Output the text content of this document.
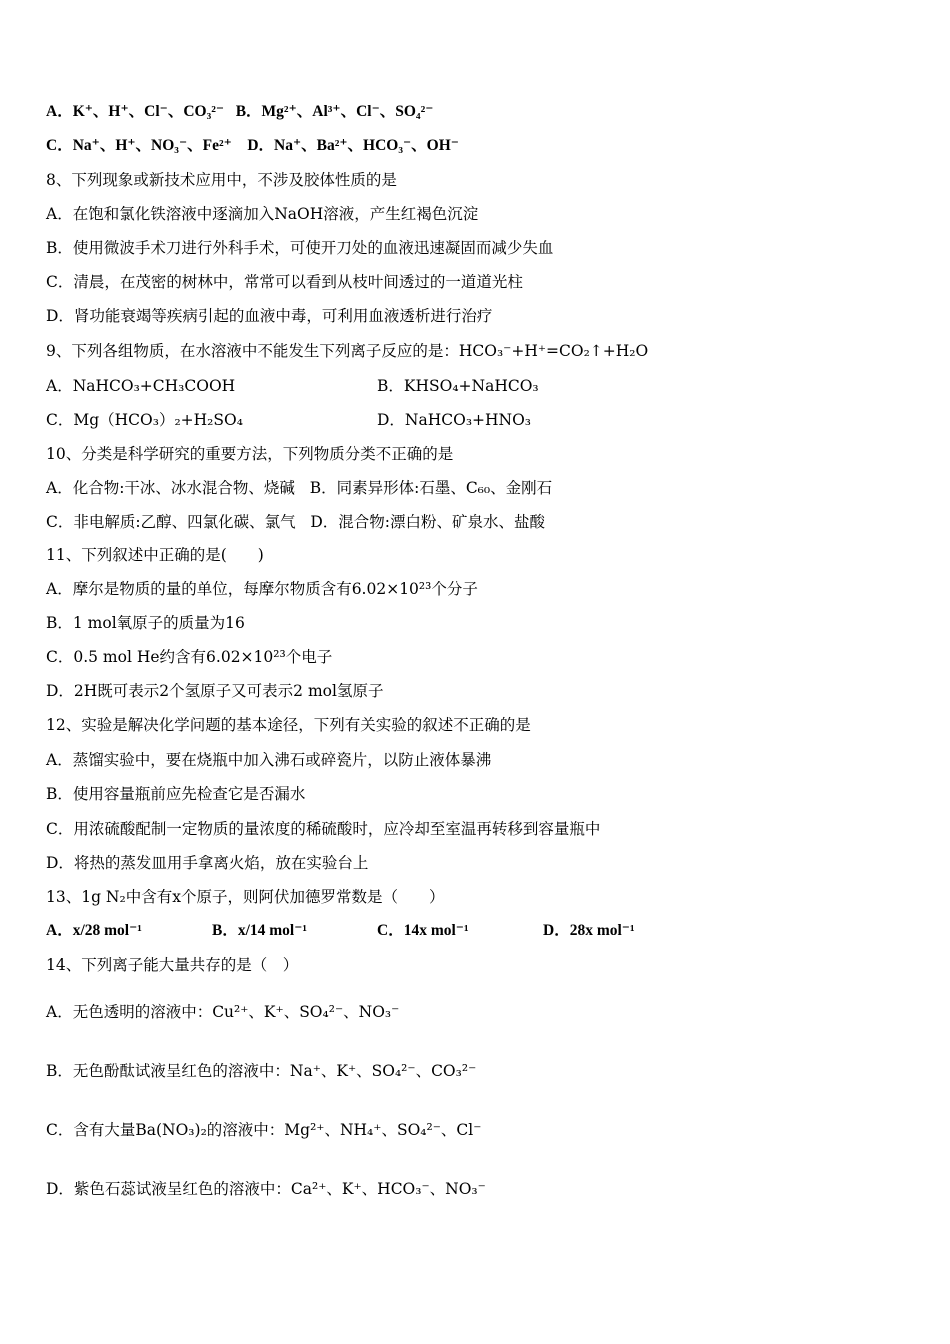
A．K⁺、H⁺、Cl⁻、CO₃²⁻ B．Mg²⁺、Al³⁺、Cl⁻、SO₄²⁻
C．Na⁺、H⁺、NO₃⁻、Fe²⁺ D．Na⁺、Ba²⁺、HCO₃⁻、OH⁻
8、下列现象或新技术应用中，不涉及胶体性质的是
A．在饱和氯化铁溶液中逐滴加入NaOH溶液，产生红褐色沉淀
B．使用微波手术刀进行外科手术，可使开刀处的血液迅速凝固而减少失血
C．清晨，在茂密的树林中，常常可以看到从枝叶间透过的一道道光柱
D．肾功能衰竭等疾病引起的血液中毒，可利用血液透析进行治疗
9、下列各组物质，在水溶液中不能发生下列离子反应的是：HCO₃⁻+H⁺=CO₂↑+H₂O
A．NaHCO₃+CH₃COOH	B．KHSO₄+NaHCO₃
C．Mg（HCO₃）₂+H₂SO₄	D．NaHCO₃+HNO₃
10、分类是科学研究的重要方法，下列物质分类不正确的是
A．化合物:干冰、冰水混合物、烧碱 B．同素异形体:石墨、C₆₀、金刚石
C．非电解质:乙醇、四氯化碳、氯气 D．混合物:漂白粉、矿泉水、盐酸
11、下列叙述中正确的是(　　)
A．摩尔是物质的量的单位，每摩尔物质含有6.02×10²³个分子
B．1 mol氧原子的质量为16
C．0.5 mol He约含有6.02×10²³个电子
D．2H既可表示2个氢原子又可表示2 mol氢原子
12、实验是解决化学问题的基本途径，下列有关实验的叙述不正确的是
A．蒸馏实验中，要在烧瓶中加入沸石或碎瓷片，以防止液体暴沸
B．使用容量瓶前应先检查它是否漏水
C．用浓硫酸配制一定物质的量浓度的稀硫酸时，应冷却至室温再转移到容量瓶中
D．将热的蒸发皿用手拿离火焰，放在实验台上
13、1g N₂中含有x个原子，则阿伏加德罗常数是（　　）
A．x/28 mol⁻¹	B．x/14 mol⁻¹	C．14x mol⁻¹	D．28x mol⁻¹
14、下列离子能大量共存的是（　）
A．无色透明的溶液中：Cu²⁺、K⁺、SO₄²⁻、NO₃⁻
B．无色酚酞试液呈红色的溶液中：Na⁺、K⁺、SO₄²⁻、CO₃²⁻
C．含有大量Ba(NO₃)₂的溶液中：Mg²⁺、NH₄⁺、SO₄²⁻、Cl⁻
D．紫色石蕊试液呈红色的溶液中：Ca²⁺、K⁺、HCO₃⁻、NO₃⁻
